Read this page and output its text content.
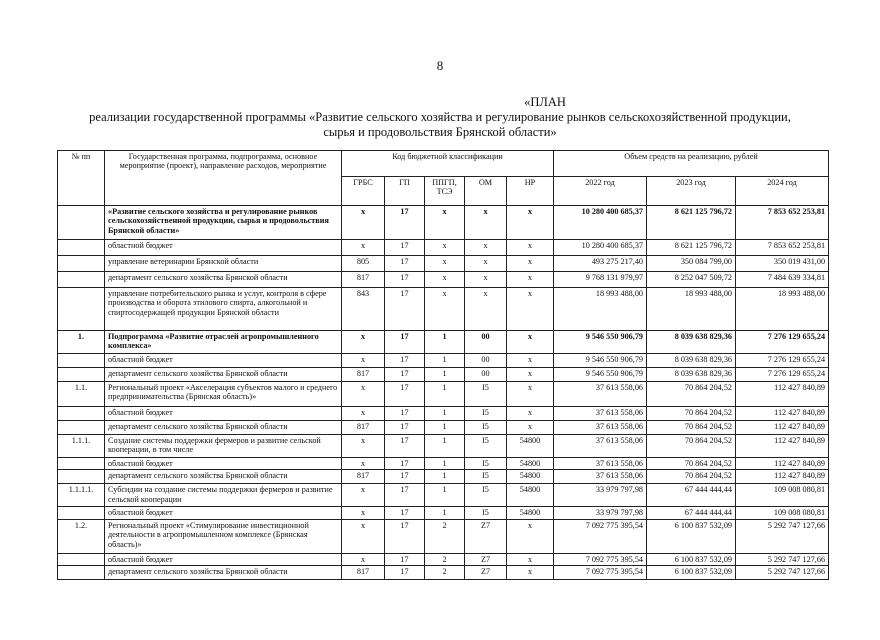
8
«ПЛАН
реализации государственной программы «Развитие сельского хозяйства и регулирование рынков сельскохозяйственной продукции,
сырья и продовольствия Брянской области»
№ пп	Государственная программа, подпрограмма, основное мероприятие (проект), направление расходов, мероприятие	Код бюджетной классификации					Объем средств на реализацию, рублей		
		ГРБС	ГП	ППГП, ТСЭ	ОМ	НР	2022 год	2023 год	2024 год
	«Развитие сельского хозяйства и регулирование рынков сельскохозяйственной продукции, сырья и продовольствия Брянской области»	х	17	х	х	х	10 280 400 685,37	8 621 125 796,72	7 853 652 253,81
	областной бюджет	х	17	х	х	х	10 280 400 685,37	8 621 125 796,72	7 853 652 253,81
	управление ветеринарии Брянской области	805	17	х	х	х	493 275 217,40	350 084 799,00	350 019 431,00
	департамент сельского хозяйства Брянской области	817	17	х	х	х	9 768 131 979,97	8 252 047 509,72	7 484 639 334,81
	управление потребительского рынка и услуг, контроля в сфере производства и оборота этилового спирта, алкогольной и спиртосодержащей продукции Брянской области	843	17	х	х	х	18 993 488,00	18 993 488,00	18 993 488,00
1.	Подпрограмма «Развитие отраслей агропромышленного комплекса»	х	17	1	00	х	9 546 550 906,79	8 039 638 829,36	7 276 129 655,24
	областной бюджет	х	17	1	00	х	9 546 550 906,79	8 039 638 829,36	7 276 129 655,24
	департамент сельского хозяйства Брянской области	817	17	1	00	х	9 546 550 906,79	8 039 638 829,36	7 276 129 655,24
1.1.	Региональный проект «Акселерация субъектов малого и среднего предпринимательства (Брянская область)»	х	17	1	I5	х	37 613 558,06	70 864 204,52	112 427 840,89
	областной бюджет	х	17	1	I5	х	37 613 558,06	70 864 204,52	112 427 840,89
	департамент сельского хозяйства Брянской области	817	17	1	I5	х	37 613 558,06	70 864 204,52	112 427 840,89
1.1.1.	Создание системы поддержки фермеров и развитие сельской кооперации, в том числе	х	17	1	I5	54800	37 613 558,06	70 864 204,52	112 427 840,89
	областной бюджет	х	17	1	I5	54800	37 613 558,06	70 864 204,52	112 427 840,89
	департамент сельского хозяйства Брянской области	817	17	1	I5	54800	37 613 558,06	70 864 204,52	112 427 840,89
1.1.1.1.	Субсидии на создание системы поддержки фермеров и развитие сельской кооперации	х	17	1	I5	54800	33 979 797,98	67 444 444,44	109 008 080,81
	областной бюджет	х	17	1	I5	54800	33 979 797,98	67 444 444,44	109 008 080,81
1.2.	Региональный проект «Стимулирование инвестиционной деятельности в агропромышленном комплексе (Брянская область)»	х	17	2	Z7	х	7 092 775 395,54	6 100 837 532,09	5 292 747 127,66
	областной бюджет	х	17	2	Z7	х	7 092 775 395,54	6 100 837 532,09	5 292 747 127,66
	департамент сельского хозяйства Брянской области	817	17	2	Z7	х	7 092 775 395,54	6 100 837 532,09	5 292 747 127,66
